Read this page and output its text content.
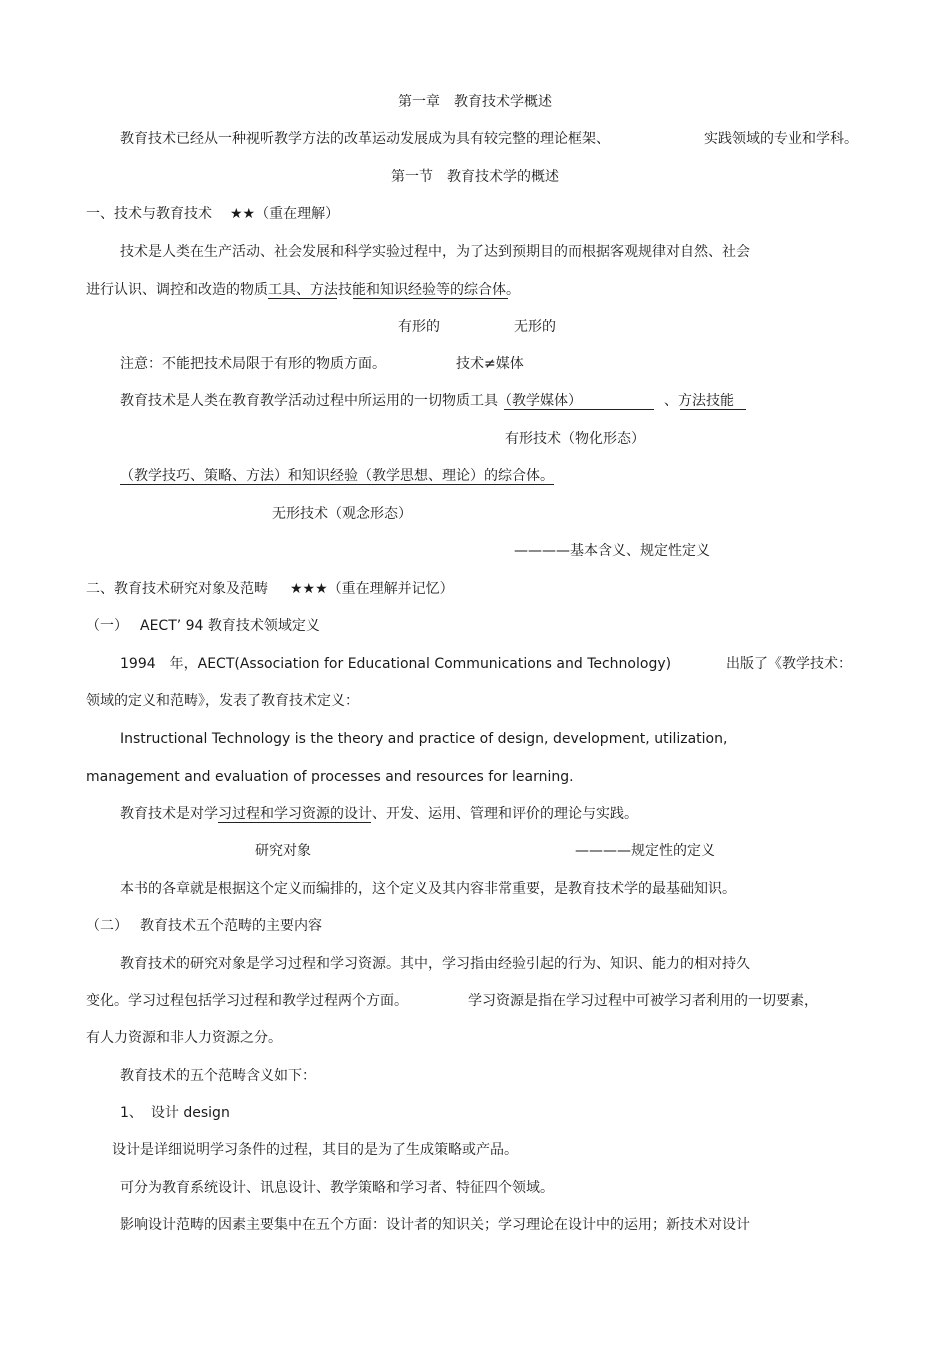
第一章　教育技术学概述
教育技术已经从一种视听教学方法的改革运动发展成为具有较完整的理论框架、	实践领域的专业和学科。
第一节　教育技术学的概述
一、技术与教育技术 ★★（重在理解）
技术是人类在生产活动、社会发展和科学实验过程中，为了达到预期目的而根据客观规律对自然、社会
进行认识、调控和改造的物质工具、方法技能和知识经验等的综合体。
有形的	无形的
注意：不能把技术局限于有形的物质方面。	技术≠媒体
教育技术是人类在教育教学活动过程中所运用的一切物质工具（教学媒体）	、方法技能
有形技术（物化形态）
（教学技巧、策略、方法）和知识经验（教学思想、理论）的综合体。
无形技术（观念形态）
————基本含义、规定性定义
二、教育技术研究对象及范畴 ★★★（重在理解并记忆）
（一） AECT’ 94 教育技术领域定义
1994　年，AECT(Association for Educational Communications and Technology)	出版了《教学技术：
领域的定义和范畴》，发表了教育技术定义：
Instructional Technology is the theory and practice of design, development, utilization,
management and evaluation of processes and resources for learning.
教育技术是对学习过程和学习资源的设计、开发、运用、管理和评价的理论与实践。
研究对象	————规定性的定义
本书的各章就是根据这个定义而编排的，这个定义及其内容非常重要，是教育技术学的最基础知识。
（二） 教育技术五个范畴的主要内容
教育技术的研究对象是学习过程和学习资源。其中，学习指由经验引起的行为、知识、能力的相对持久
变化。学习过程包括学习过程和教学过程两个方面。	学习资源是指在学习过程中可被学习者利用的一切要素，
有人力资源和非人力资源之分。
教育技术的五个范畴含义如下：
1、 设计 design
设计是详细说明学习条件的过程，其目的是为了生成策略或产品。
可分为教育系统设计、讯息设计、教学策略和学习者、特征四个领域。
影响设计范畴的因素主要集中在五个方面：设计者的知识关；学习理论在设计中的运用；新技术对设计
